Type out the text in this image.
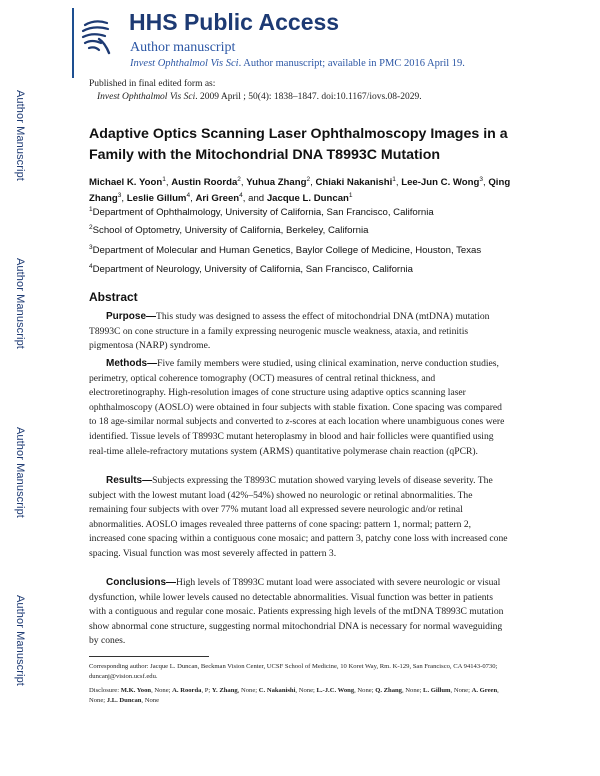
Author Manuscript
Author Manuscript
Author Manuscript
Author Manuscript
HHS Public Access
Author manuscript
Invest Ophthalmol Vis Sci. Author manuscript; available in PMC 2016 April 19.
Published in final edited form as:
Invest Ophthalmol Vis Sci. 2009 April ; 50(4): 1838–1847. doi:10.1167/iovs.08-2029.
Adaptive Optics Scanning Laser Ophthalmoscopy Images in a Family with the Mitochondrial DNA T8993C Mutation
Michael K. Yoon$^1$, Austin Roorda$^2$, Yuhua Zhang$^2$, Chiaki Nakanishi$^1$, Lee-Jun C. Wong$^3$, Qing Zhang$^3$, Leslie Gillum$^4$, Ari Green$^4$, and Jacque L. Duncan$^1$
$^1$Department of Ophthalmology, University of California, San Francisco, California
$^2$School of Optometry, University of California, Berkeley, California
$^3$Department of Molecular and Human Genetics, Baylor College of Medicine, Houston, Texas
$^4$Department of Neurology, University of California, San Francisco, California
Abstract

Purpose—This study was designed to assess the effect of mitochondrial DNA (mtDNA) mutation T8993C on cone structure in a family expressing neurogenic muscle weakness, ataxia, and retinitis pigmentosa (NARP) syndrome.

Methods—Five family members were studied, using clinical examination, nerve conduction studies, perimetry, optical coherence tomography (OCT) measures of central retinal thickness, and electroretinography. High-resolution images of cone structure using adaptive optics scanning laser ophthalmoscopy (AOSLO) were obtained in four subjects with stable fixation. Cone spacing was compared to 18 age-similar normal subjects and converted to z-scores at each location where unambiguous cones were identified. Tissue levels of T8993C mutant heteroplasmy in blood and hair follicles were quantified using real-time allele-refractory mutations system (ARMS) quantitative polymerase chain reaction (qPCR).

Results—Subjects expressing the T8993C mutation showed varying levels of disease severity. The subject with the lowest mutant load (42%–54%) showed no neurologic or retinal abnormalities. The remaining four subjects with over 77% mutant load all expressed severe neurologic and/or retinal abnormalities. AOSLO images revealed three patterns of cone spacing: pattern 1, normal; pattern 2, increased cone spacing within a contiguous cone mosaic; and pattern 3, patchy cone loss with increased cone spacing. Visual function was most severely affected in pattern 3.

Conclusions—High levels of T8993C mutant load were associated with severe neurologic or visual dysfunction, while lower levels caused no detectable abnormalities. Visual function was better in patients with a contiguous and regular cone mosaic. Patients expressing high levels of the mtDNA T8993C mutation show abnormal cone structure, suggesting normal mitochondrial DNA is necessary for normal waveguiding by cones.

Corresponding author: Jacque L. Duncan, Beckman Vision Center, UCSF School of Medicine, 10 Koret Way, Rm. K-129, San Francisco, CA 94143-0730; duncanj@vision.ucsf.edu.

Disclosure: M.K. Yoon, None; A. Roorda, P; Y. Zhang, None; C. Nakanishi, None; L.-J.C. Wong, None; Q. Zhang, None; L. Gillum, None; A. Green, None; J.L. Duncan, None
